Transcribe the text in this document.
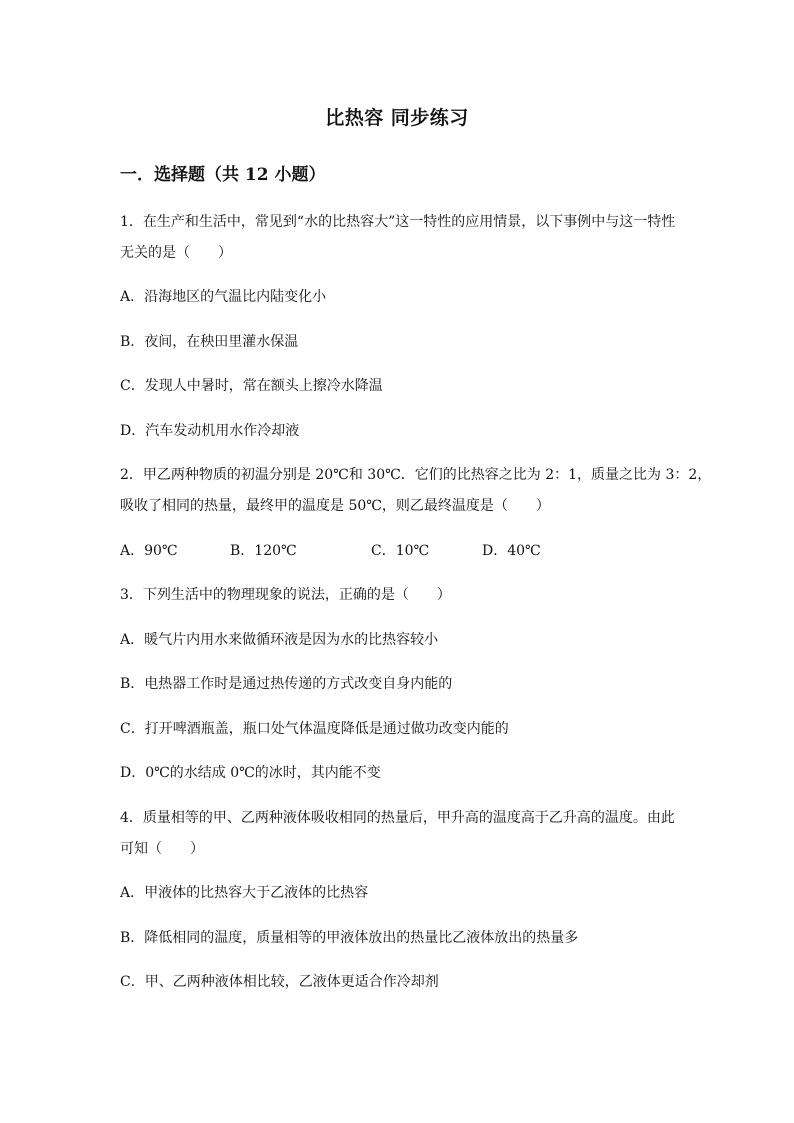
比热容 同步练习
一．选择题（共 12 小题）
1．在生产和生活中，常见到“水的比热容大”这一特性的应用情景，以下事例中与这一特性
无关的是（　　）
A．沿海地区的气温比内陆变化小
B．夜间，在秧田里灌水保温
C．发现人中暑时，常在额头上擦冷水降温
D．汽车发动机用水作冷却液
2．甲乙两种物质的初温分别是 20℃和 30℃．它们的比热容之比为 2：1，质量之比为 3：2，
吸收了相同的热量，最终甲的温度是 50℃，则乙最终温度是（　　）
A．90℃	B．120℃	C．10℃	D．40℃
3．下列生活中的物理现象的说法，正确的是（　　）
A．暖气片内用水来做循环液是因为水的比热容较小
B．电热器工作时是通过热传递的方式改变自身内能的
C．打开啤酒瓶盖，瓶口处气体温度降低是通过做功改变内能的
D．0℃的水结成 0℃的冰时，其内能不变
4．质量相等的甲、乙两种液体吸收相同的热量后，甲升高的温度高于乙升高的温度。由此
可知（　　）
A．甲液体的比热容大于乙液体的比热容
B．降低相同的温度，质量相等的甲液体放出的热量比乙液体放出的热量多
C．甲、乙两种液体相比较，乙液体更适合作冷却剂
